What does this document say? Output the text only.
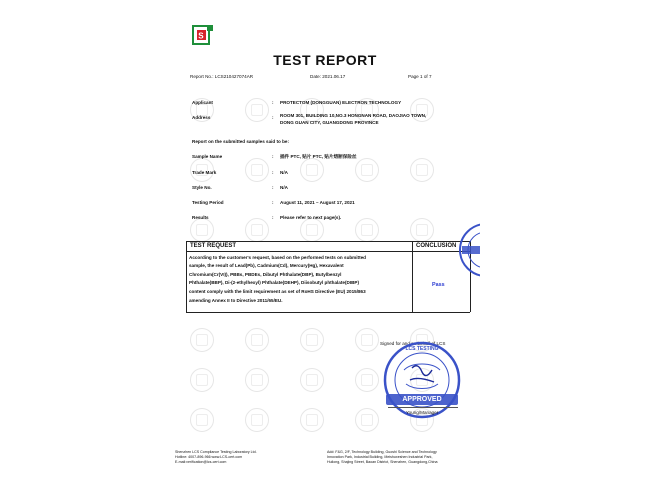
S
TEST REPORT
Report No.: LCS210427074AR	Date: 2021.06.17	Page 1 of 7
Applicant	: PROTECTOM (DONGGUAN) ELECTRON TECHNOLOGY
Address	: ROOM 301, BUILDING 10,NO.3 HONGNAN ROAD, DAOJIAO TOWN,
DONG GUAN CITY, GUANGDONG PROVINCE
Report on the submitted samples said to be:
Sample Name	: 插件 PTC, 贴片 PTC, 贴片熔断保险丝
Trade Mark	: N/A
Style No.	: N/A
Testing Period	: August 11, 2021 – August 17, 2021
Results	: Please refer to next page(s).
TEST REQUEST	CONCLUSION
According to the customer's request, based on the performed tests on submitted
sample, the result of Lead(Pb), Cadmium(Cd), Mercury(Hg), Hexavalent
Chromium(Cr(VI)), PBBs, PBDEs, Dibutyl Phthalate(DBP), Butylbenzyl
Phthalate(BBP), Di-(2-ethylhexyl) Phthalate(DEHP), Diisobutyl phthalate(DIBP)
content comply with the limit requirement as set of RoHS Directive (EU) 2015/863
amending Annex II to Directive 2011/65/EU.
Pass
Signed for and on behalf of LCS
APPROVED
LCS TESTING
Young/Manager
Shenzhen LCS Compliance Testing Laboratory Ltd.
Hotline: 4007-896-966 www.LCS-cert.com
E-mail:verification@lcs-cert.com
Add: F&G, 2/F, Technology Building, Guoshi Science and Technology
Innovation Park, Industrial Building, Meishuxeshen Industrial Park,
Huilong, Shajing Street, Baoan District, Shenzhen, Guangdong,China
